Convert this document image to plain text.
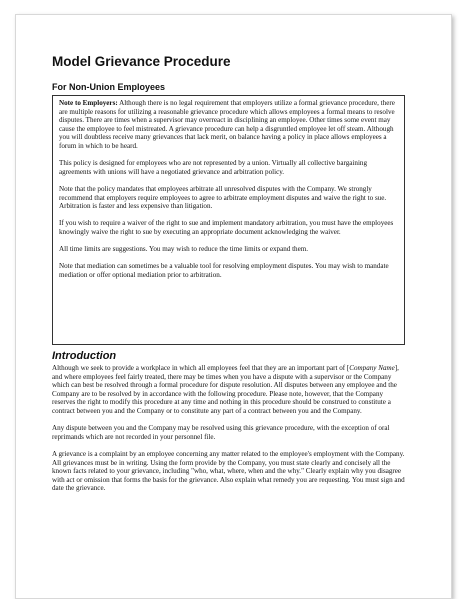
Model Grievance Procedure
For Non-Union Employees

Note to Employers: Although there is no legal requirement that employers utilize a formal grievance procedure, there are multiple reasons for utilizing a reasonable grievance procedure which allows employees a formal means to resolve disputes. There are times when a supervisor may overreact in disciplining an employee. Other times some event may cause the employee to feel mistreated. A grievance procedure can help a disgruntled employee let off steam. Although you will doubtless receive many grievances that lack merit, on balance having a policy in place allows employees a forum in which to be heard.

This policy is designed for employees who are not represented by a union. Virtually all collective bargaining agreements with unions will have a negotiated grievance and arbitration policy.

Note that the policy mandates that employees arbitrate all unresolved disputes with the Company. We strongly recommend that employers require employees to agree to arbitrate employment disputes and waive the right to sue. Arbitration is faster and less expensive than litigation.

If you wish to require a waiver of the right to sue and implement mandatory arbitration, you must have the employees knowingly waive the right to sue by executing an appropriate document acknowledging the waiver.

All time limits are suggestions. You may wish to reduce the time limits or expand them.

Note that mediation can sometimes be a valuable tool for resolving employment disputes. You may wish to mandate mediation or offer optional mediation prior to arbitration.

Introduction

Although we seek to provide a workplace in which all employees feel that they are an important part of [Company Name], and where employees feel fairly treated, there may be times when you have a dispute with a supervisor or the Company which can best be resolved through a formal procedure for dispute resolution. All disputes between any employee and the Company are to be resolved by in accordance with the following procedure. Please note, however, that the Company reserves the right to modify this procedure at any time and nothing in this procedure should be construed to constitute a contract between you and the Company or to constitute any part of a contract between you and the Company.

Any dispute between you and the Company may be resolved using this grievance procedure, with the exception of oral reprimands which are not recorded in your personnel file.

A grievance is a complaint by an employee concerning any matter related to the employee's employment with the Company. All grievances must be in writing. Using the form provide by the Company, you must state clearly and concisely all the known facts related to your grievance, including "who, what, where, when and the why." Clearly explain why you disagree with act or omission that forms the basis for the grievance. Also explain what remedy you are requesting. You must sign and date the grievance.
